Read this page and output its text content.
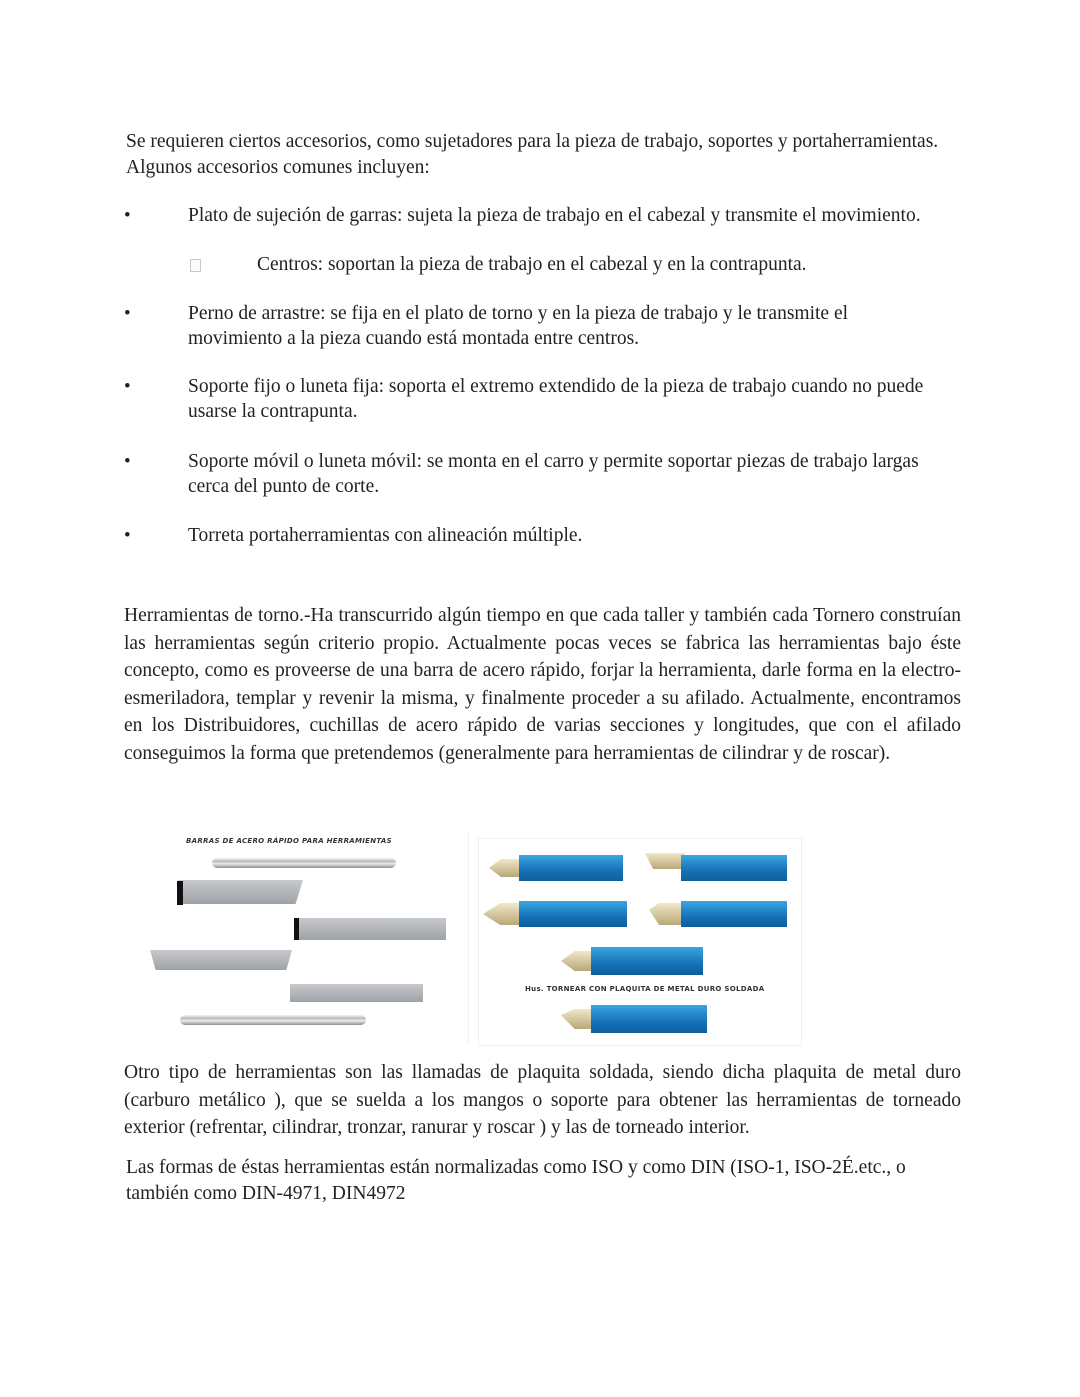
Se requieren ciertos accesorios, como sujetadores para la pieza de trabajo, soportes y portaherramientas.

Algunos accesorios comunes incluyen:

•	Plato de sujeción de garras: sujeta la pieza de trabajo en el cabezal y transmite el movimiento.

Centros: soportan la pieza de trabajo en el cabezal y en la contrapunta.

•	Perno de arrastre: se fija en el plato de torno y en la pieza de trabajo y le transmite el

movimiento a la pieza cuando está montada entre centros.

•	Soporte fijo o luneta fija: soporta el extremo extendido de la pieza de trabajo cuando no puede

usarse la contrapunta.

•	Soporte móvil o luneta móvil: se monta en el carro y permite soportar piezas de trabajo largas

cerca del punto de corte.

•	Torreta portaherramientas con alineación múltiple.

Herramientas de torno.-Ha transcurrido algún tiempo en que cada taller y también cada Tornero construían las herramientas según criterio propio. Actualmente pocas veces se fabrica las herramientas bajo éste concepto, como es proveerse de una barra de acero rápido, forjar la herramienta, darle forma en la electro-esmeriladora, templar y revenir la misma, y finalmente proceder a su afilado. Actualmente, encontramos en los Distribuidores, cuchillas de acero rápido de varias secciones y longitudes, que con el afilado conseguimos la forma que pretendemos (generalmente para herramientas de cilindrar y de roscar).

BARRAS DE ACERO RÁPIDO PARA HERRAMIENTAS
Hus. TORNEAR CON PLAQUITA DE METAL DURO SOLDADA

Otro tipo de herramientas son las llamadas de plaquita soldada, siendo dicha plaquita de metal duro (carburo metálico ), que se suelda a los mangos o soporte para obtener las herramientas de torneado exterior (refrentar, cilindrar, tronzar, ranurar y roscar ) y las de torneado interior.

Las formas de éstas herramientas están normalizadas como ISO y como DIN (ISO-1, ISO-2É.etc., o

también como DIN-4971, DIN4972
